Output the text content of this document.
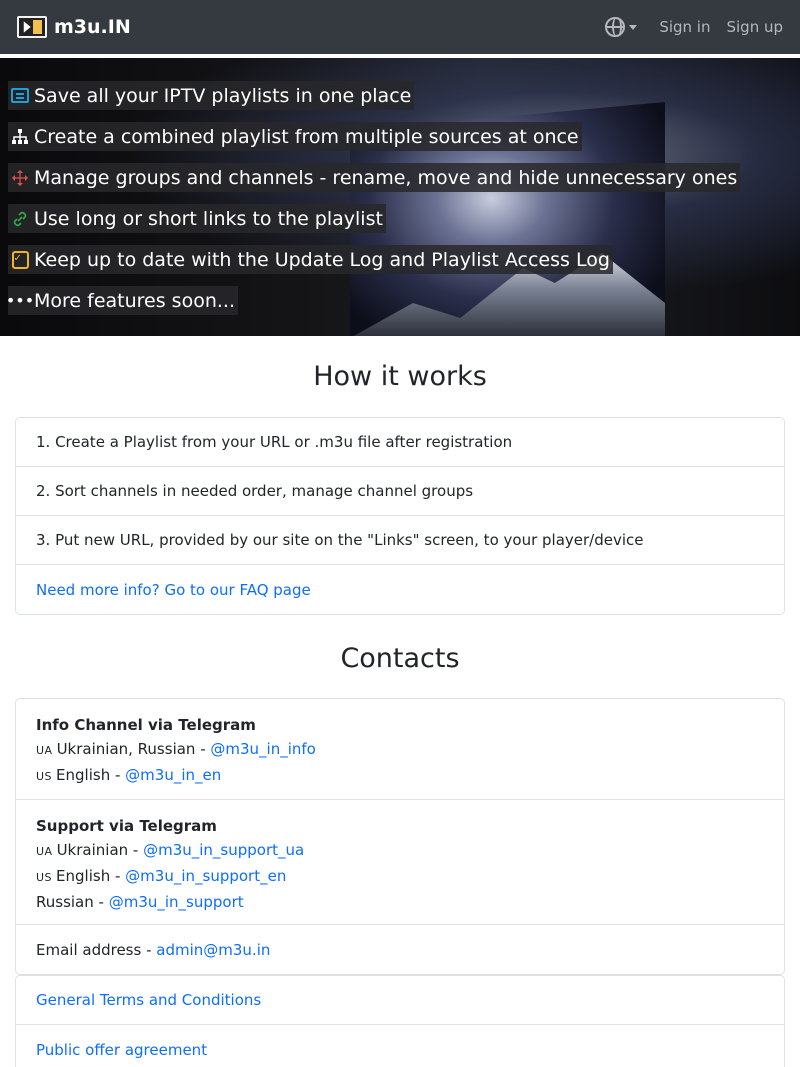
m3u.IN	Sign in Sign up
Save all your IPTV playlists in one place
Create a combined playlist from multiple sources at once
Manage groups and channels - rename, move and hide unnecessary ones
Use long or short links to the playlist
✓ Keep up to date with the Update Log and Playlist Access Log
••• More features soon...
How it works
1. Create a Playlist from your URL or .m3u file after registration
2. Sort channels in needed order, manage channel groups
3. Put new URL, provided by our site on the "Links" screen, to your player/device
Need more info? Go to our FAQ page
Contacts
Info Channel via Telegram
UA Ukrainian, Russian - @m3u_in_info
US English - @m3u_in_en
Support via Telegram
UA Ukrainian - @m3u_in_support_ua
US English - @m3u_in_support_en
Russian - @m3u_in_support
Email address -
admin@m3u.in
General Terms and Conditions
Public offer agreement
